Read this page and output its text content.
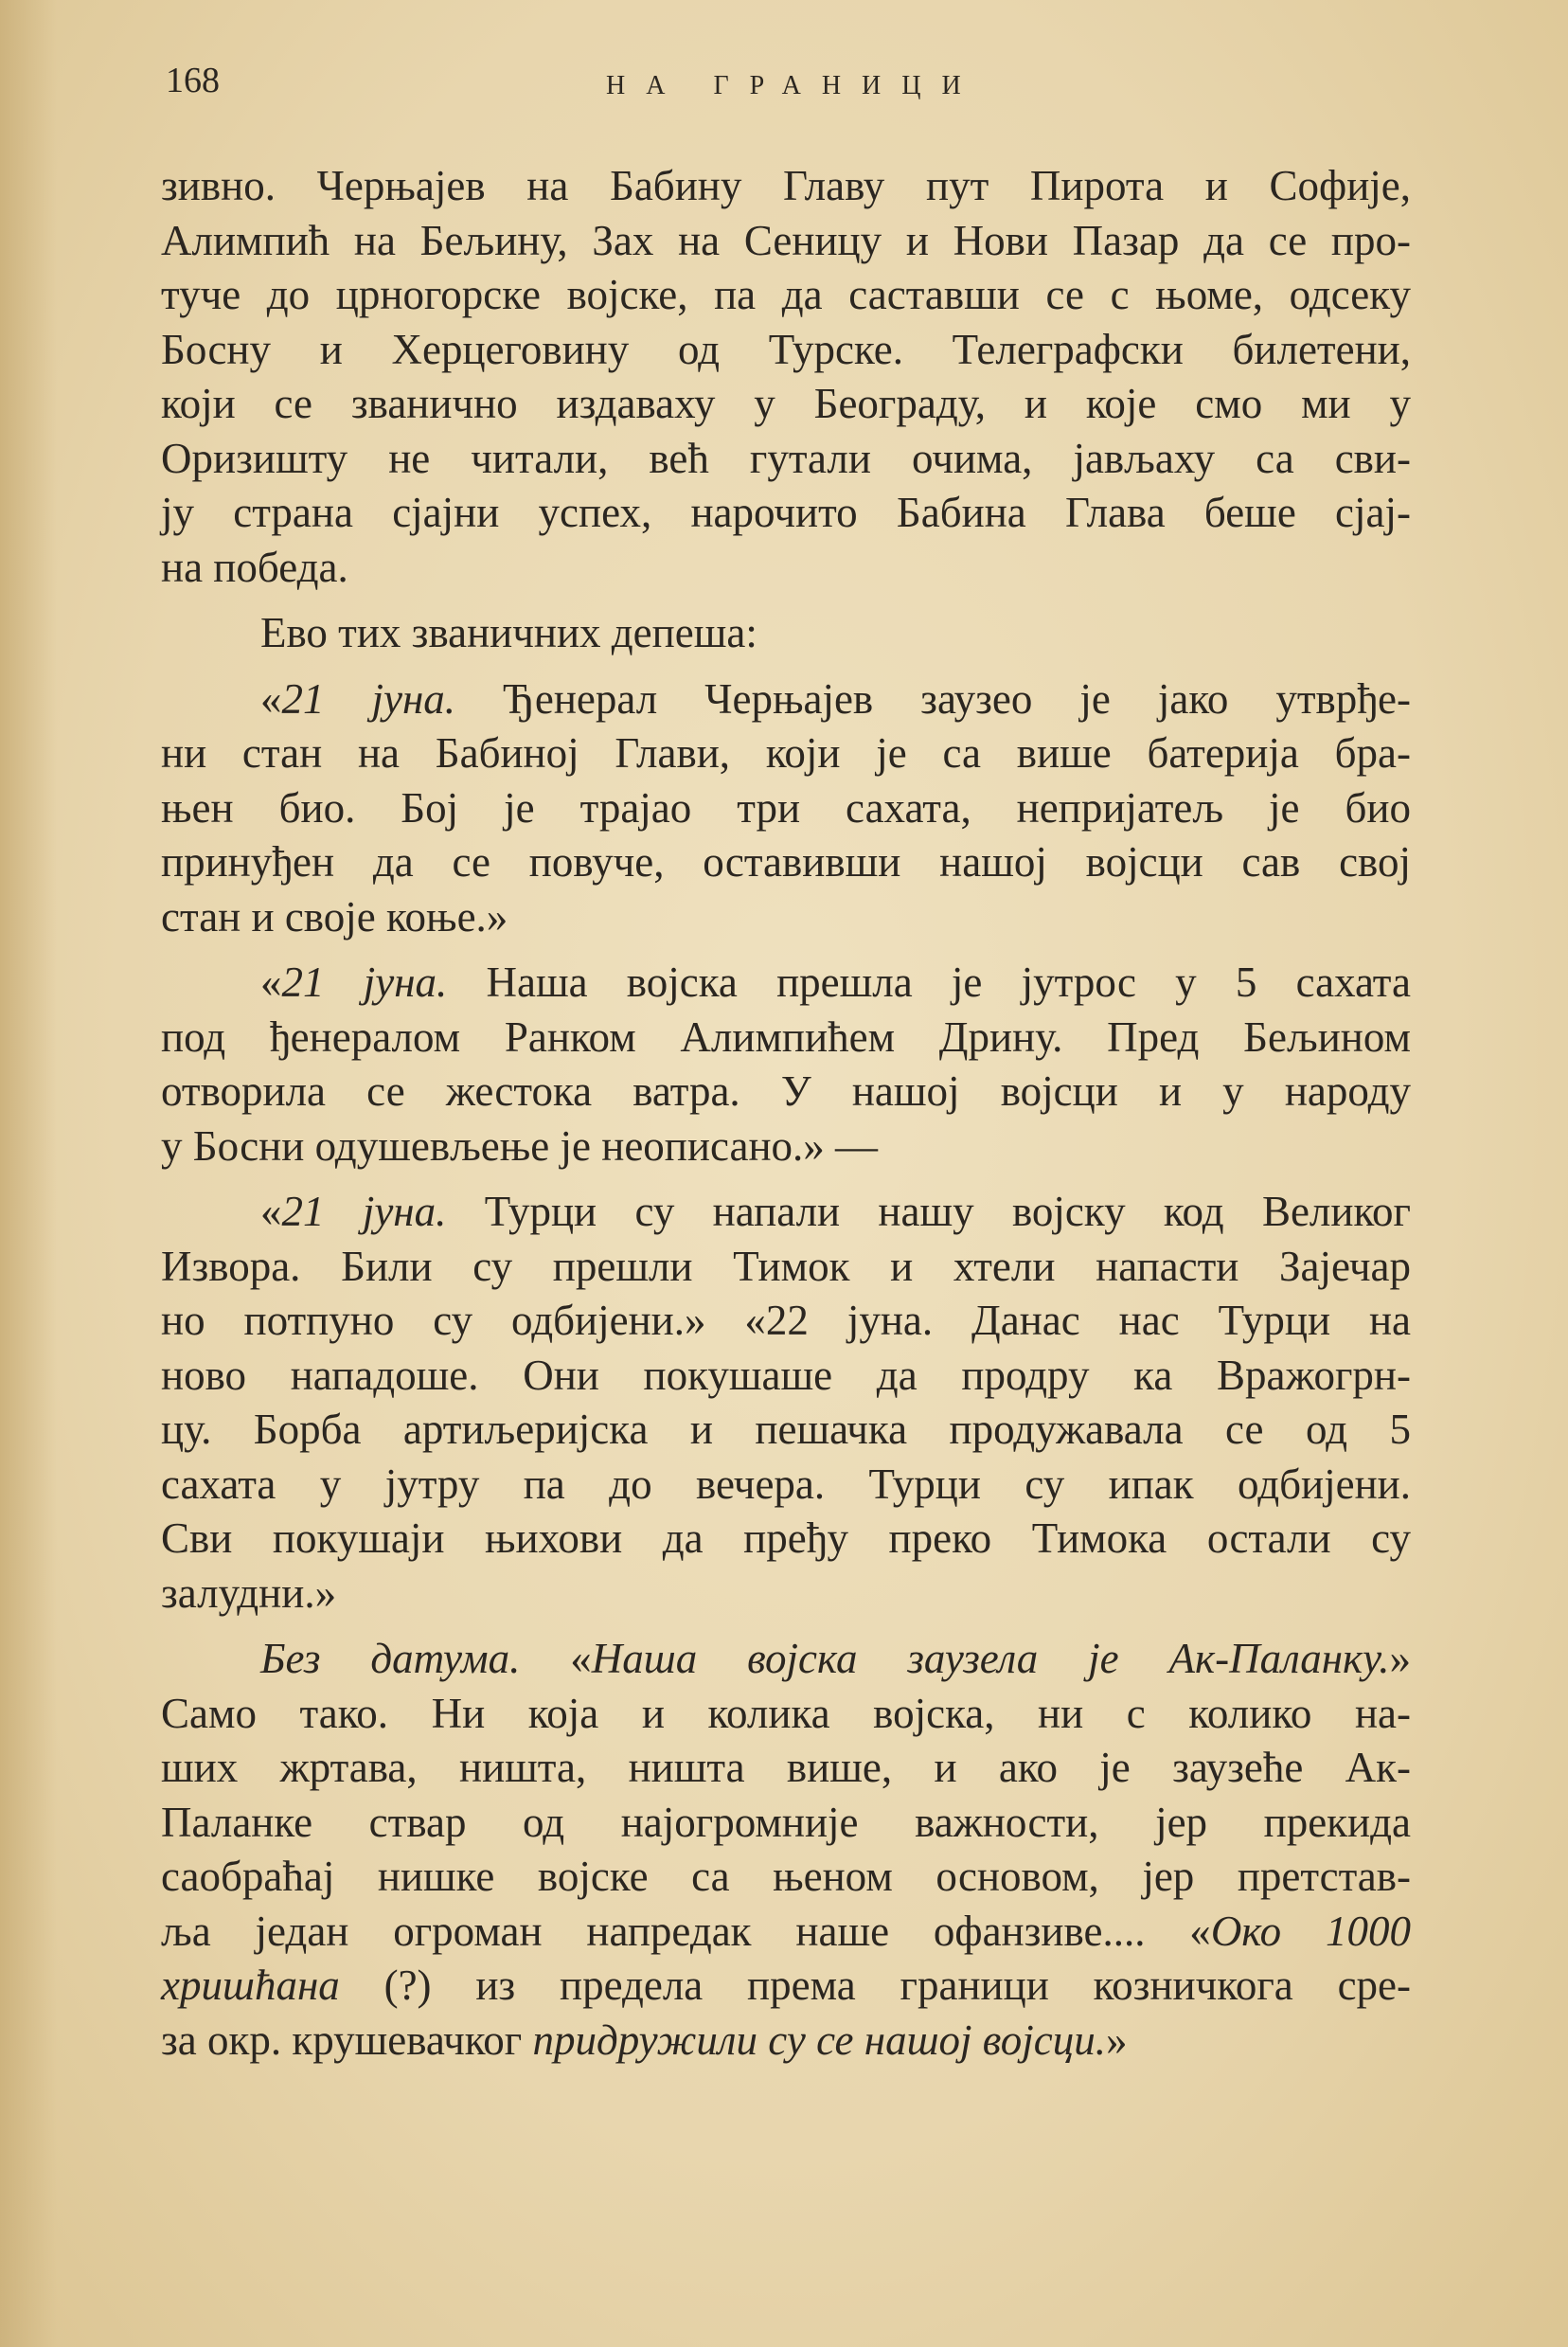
168	НА ГРАНИЦИ
зивно. Черњајев на Бабину Главу пут Пирота и Софије,
Алимпић на Бељину, Зах на Сеницу и Нови Пазар да се про-
туче до црногорске војске, па да саставши се с њоме, одсеку
Босну и Херцеговину од Турске. Телеграфски билетени,
који се званично издаваху у Београду, и које смо ми у
Оризишту не читали, већ гутали очима, јављаху са сви-
ју страна сјајни успех, нарочито Бабина Глава беше сјај-
на победа.
Ево тих званичних депеша:
«21 јуна. Ђенерал Черњајев заузео је јако утврђе-
ни стан на Бабиној Глави, који је са више батерија бра-
њен био. Бој је трајао три сахата, непријатељ је био
принуђен да се повуче, оставивши нашој војсци сав свој
стан и своје коње.»
«21 јуна. Наша војска прешла је јутрос у 5 сахата
под ђенералом Ранком Алимпићем Дрину. Пред Бељином
отворила се жестока ватра. У нашој војсци и у народу
у Босни одушевљење је неописано.» —
«21 јуна. Турци су напали нашу војску код Великог
Извора. Били су прешли Тимок и хтели напасти Зајечар
но потпуно су одбијени.» «22 јуна. Данас нас Турци на
ново нападоше. Они покушаше да продру ка Вражогрн-
цу. Борба артиљеријска и пешачка продужавала се од 5
сахата у јутру па до вечера. Турци су ипак одбијени.
Сви покушаји њихови да пређу преко Тимока остали су
залудни.»
Без датума. «Наша војска заузела је Ак-Паланку.»
Само тако. Ни која и колика војска, ни с колико на-
ших жртава, ништа, ништа више, и ако је заузеће Ак-
Паланке ствар од најогромније важности, јер прекида
саобраћај нишке војске са њеном основом, јер претстав-
ља један огроман напредак наше офанзиве.... «Око 1000
хришћана (?) из предела према граници козничкога сре-
за окр. крушевачког придружили су се нашој војсци.»
